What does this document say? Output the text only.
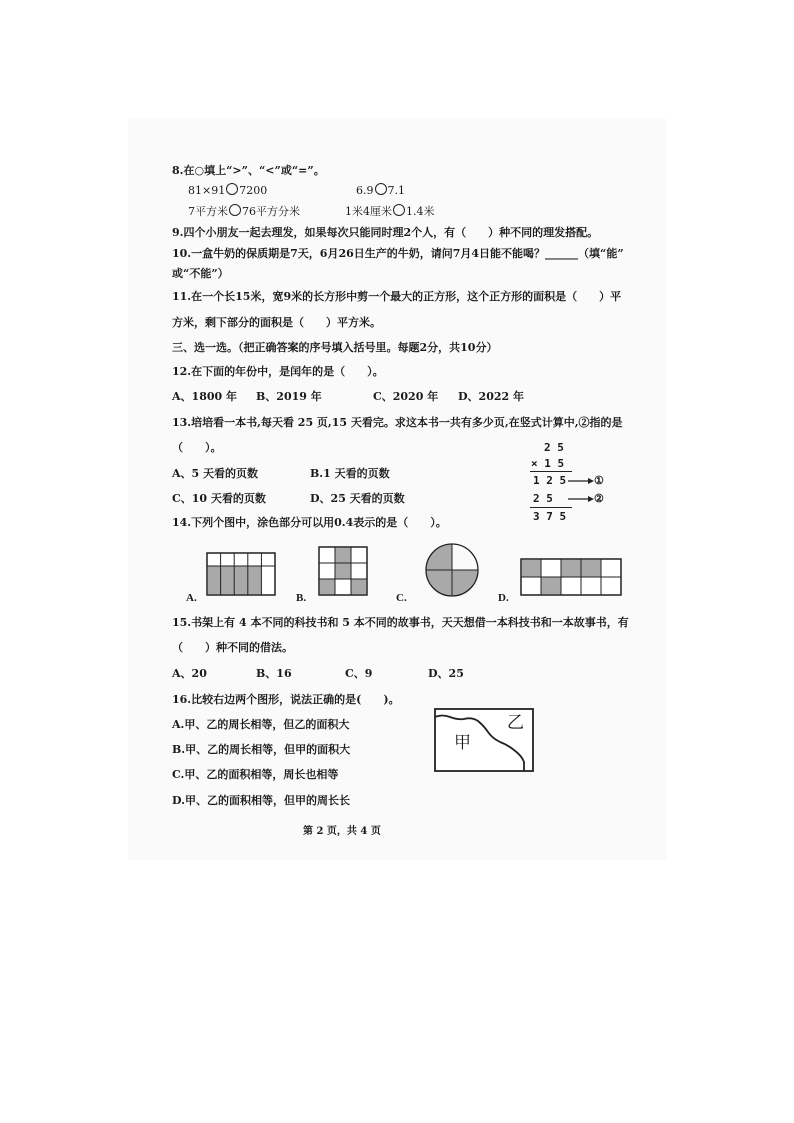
8.在○填上“>”、“<”或“=”。
81×91 7200	6.9 7.1
7平方米 76平方分米	1米4厘米 1.4米
9.四个小朋友一起去理发，如果每次只能同时理2个人，有（　　）种不同的理发搭配。
10.一盒牛奶的保质期是7天，6月26日生产的牛奶，请问7月4日能不能喝？______（填“能”
或“不能”）
11.在一个长15米，宽9米的长方形中剪一个最大的正方形，这个正方形的面积是（　　）平
方米，剩下部分的面积是（　　）平方米。
三、选一选。（把正确答案的序号填入括号里。每题2分，共10分）
12.在下面的年份中，是闰年的是（　　）。
A、1800 年 B、2019 年	C、2020 年 D、2022 年
13.培培看一本书,每天看 25 页,15 天看完。求这本书一共有多少页,在竖式计算中,②指的是
（　　）。
A、5 天看的页数	B.1 天看的页数
C、10 天看的页数	D、25 天看的页数
2 5
× 1 5
1 2 5
2 5
3 7 5
①
②
14.下列个图中，涂色部分可以用0.4表示的是（　　）。
A.	B.	C.	D.
15.书架上有 4 本不同的科技书和 5 本不同的故事书，天天想借一本科技书和一本故事书，有
（　　）种不同的借法。
A、20	B、16	C、9	D、25
16.比较右边两个图形，说法正确的是(　　)。
A.甲、乙的周长相等，但乙的面积大
B.甲、乙的周长相等，但甲的面积大
C.甲、乙的面积相等，周长也相等
D.甲、乙的面积相等，但甲的周长长
甲
乙
第 2 页，共 4 页
